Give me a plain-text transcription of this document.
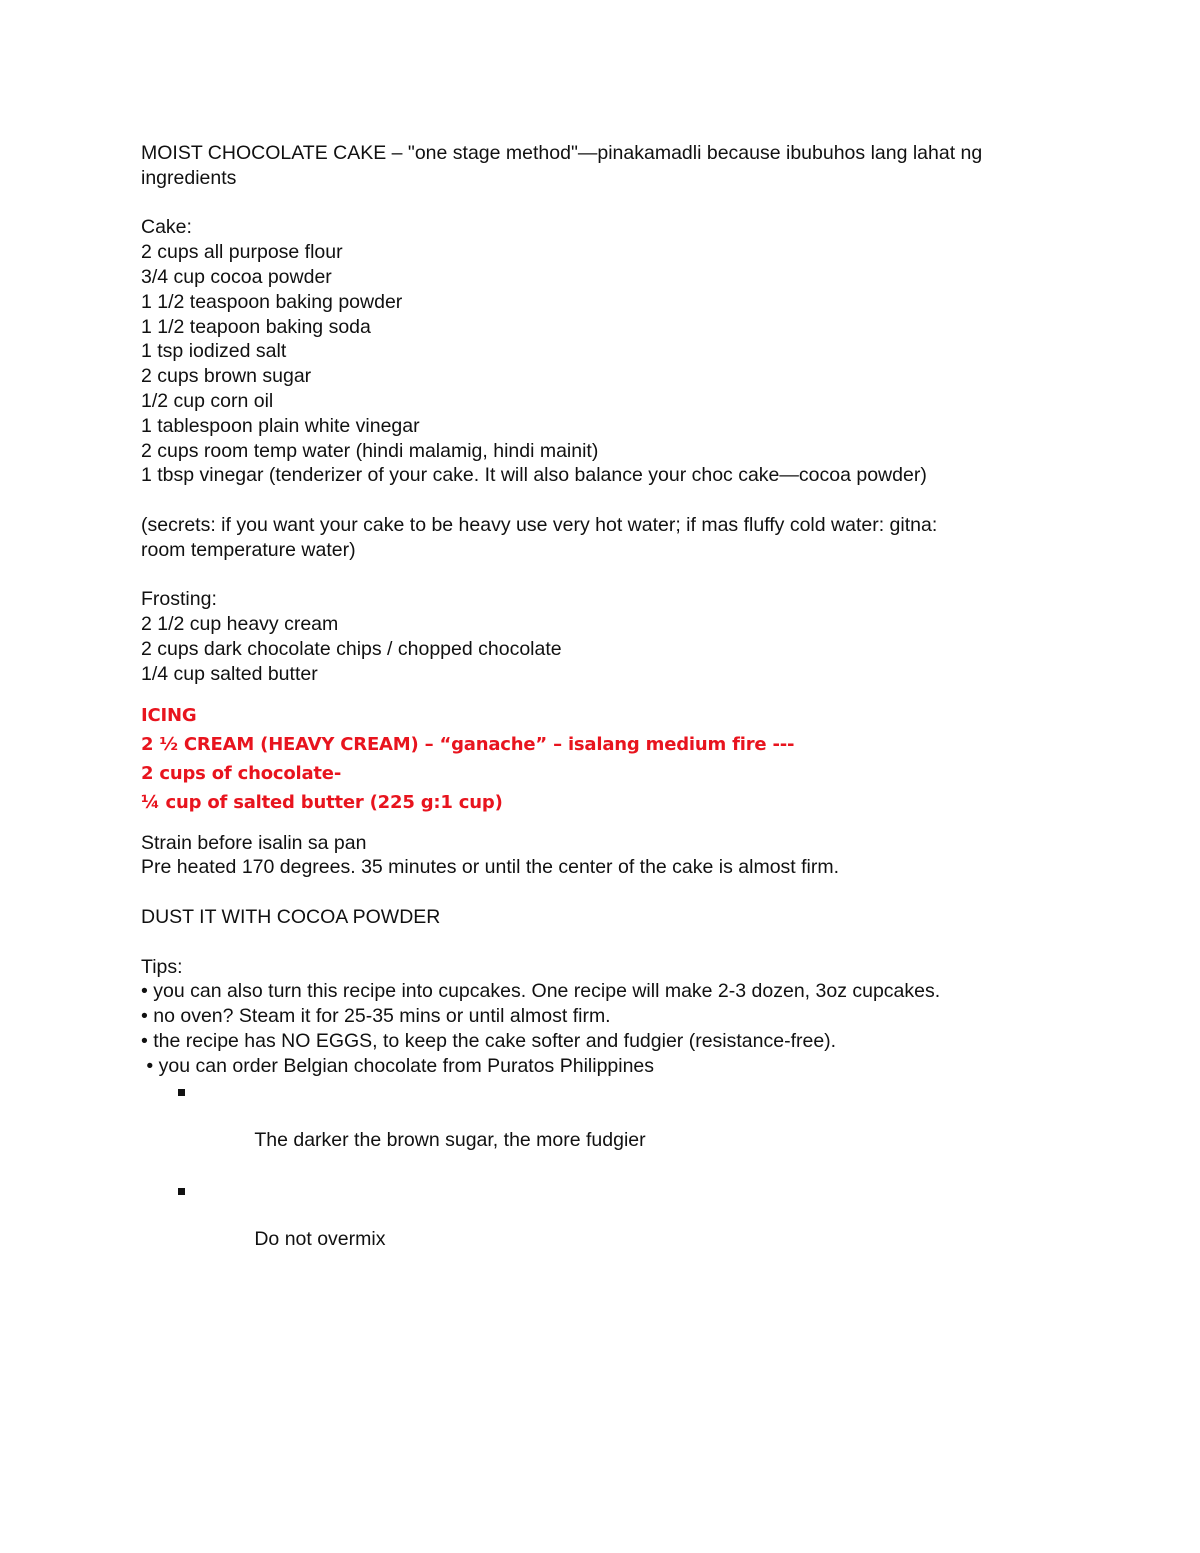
MOIST CHOCOLATE CAKE – "one stage method"—pinakamadli because ibubuhos lang lahat ng

ingredients

Cake:

2 cups all purpose flour

3/4 cup cocoa powder

1 1/2 teaspoon baking powder

1 1/2 teapoon baking soda

1 tsp iodized salt

2 cups brown sugar

1/2 cup corn oil

1 tablespoon plain white vinegar

2 cups room temp water (hindi malamig, hindi mainit)

1 tbsp vinegar (tenderizer of your cake. It will also balance your choc cake—cocoa powder)

(secrets: if you want your cake to be heavy use very hot water; if mas fluffy cold water: gitna:

room temperature water)

Frosting:

2 1/2 cup heavy cream

2 cups dark chocolate chips / chopped chocolate

1/4 cup salted butter

ICING

2 ½ CREAM (HEAVY CREAM) – “ganache” – isalang medium fire ---

2 cups of chocolate-

¼ cup of salted butter (225 g:1 cup)

Strain before isalin sa pan

Pre heated 170 degrees. 35 minutes or until the center of the cake is almost firm.

DUST IT WITH COCOA POWDER

Tips:

• you can also turn this recipe into cupcakes. One recipe will make 2-3 dozen, 3oz cupcakes.

• no oven? Steam it for 25-35 mins or until almost firm.

• the recipe has NO EGGS, to keep the cake softer and fudgier (resistance-free).

• you can order Belgian chocolate from Puratos Philippines

The darker the brown sugar, the more fudgier

Do not overmix
